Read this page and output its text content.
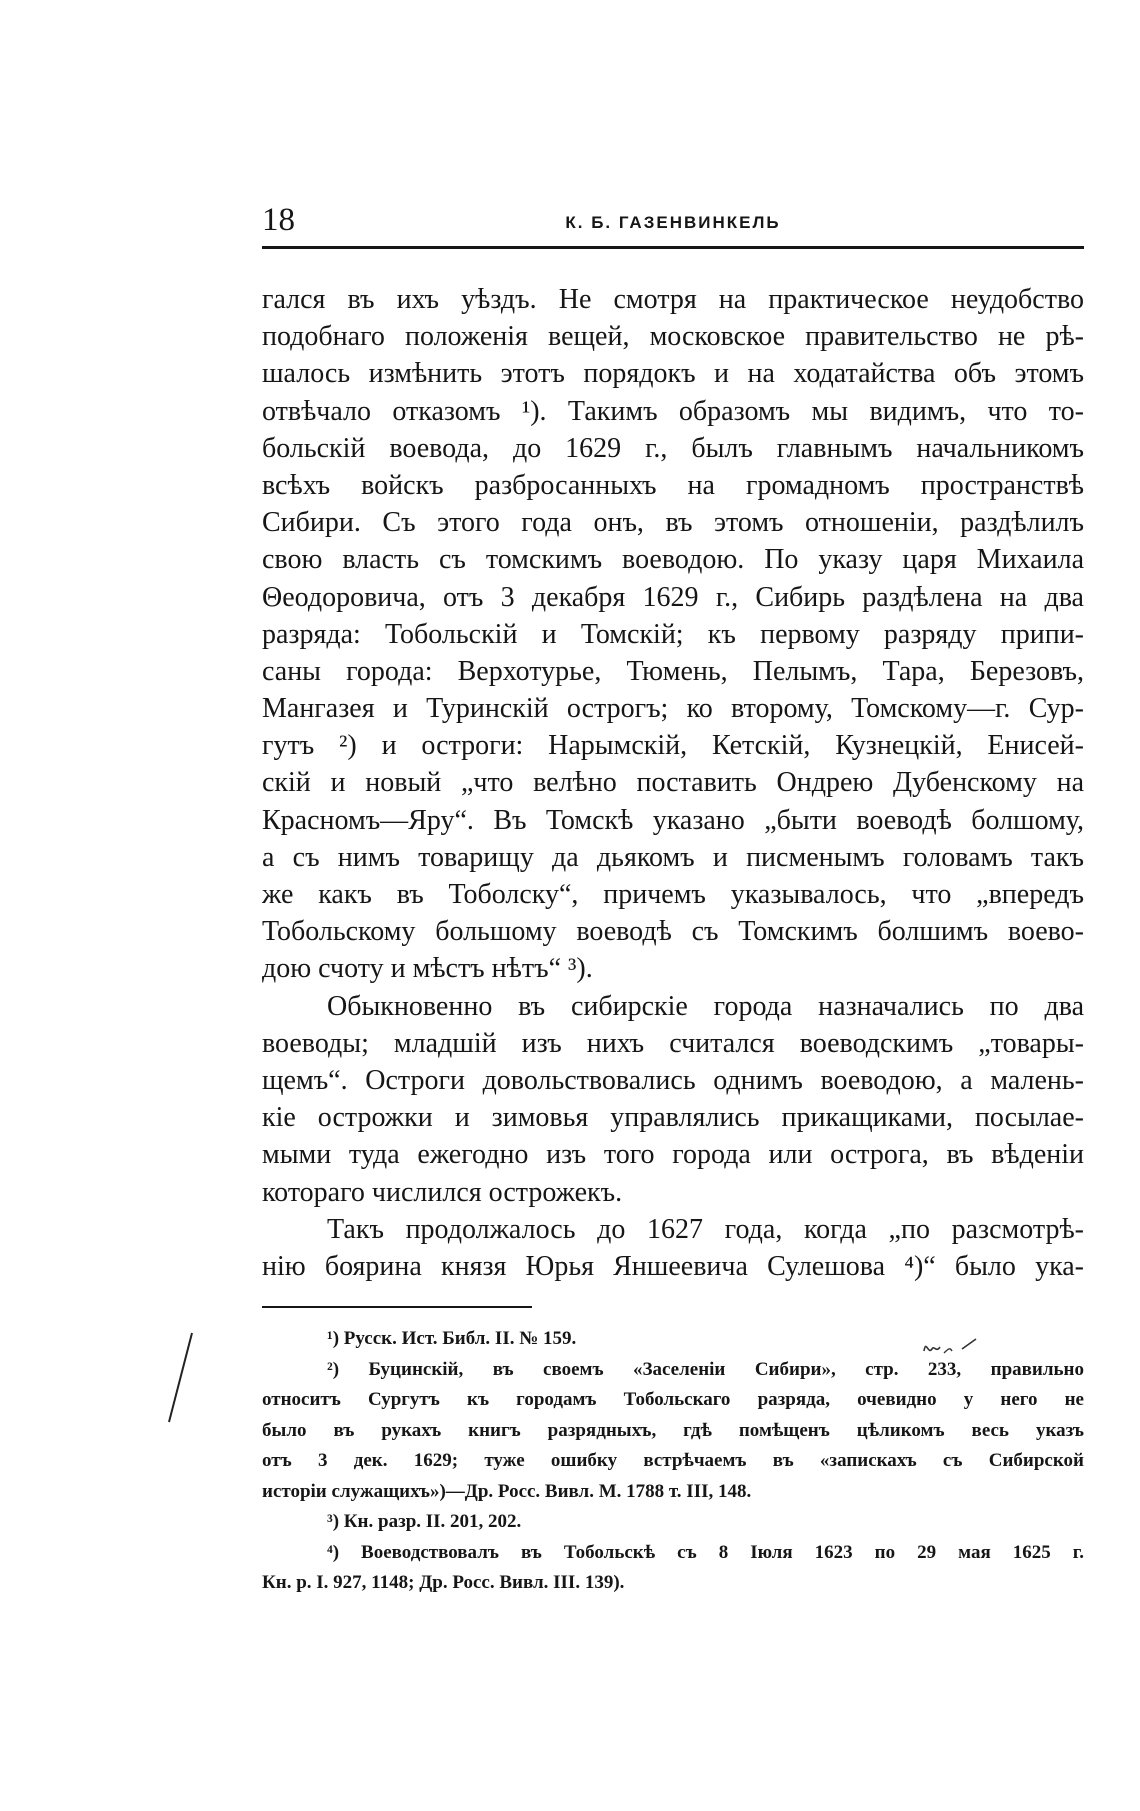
18	К. Б. ГАЗЕНВИНКЕЛЬ
гался въ ихъ уѣздъ. Не смотря на практическое неудобство
подобнаго положенія вещей, московское правительство не рѣ-
шалось измѣнить этотъ порядокъ и на ходатайства объ этомъ
отвѣчало отказомъ ¹). Такимъ образомъ мы видимъ, что то-
больскій воевода, до 1629 г., былъ главнымъ начальникомъ
всѣхъ войскъ разбросанныхъ на громадномъ пространствѣ
Сибири. Съ этого года онъ, въ этомъ отношеніи, раздѣлилъ
свою власть съ томскимъ воеводою. По указу царя Михаила
Θеодоровича, отъ 3 декабря 1629 г., Сибирь раздѣлена на два
разряда: Тобольскій и Томскій; къ первому разряду припи-
саны города: Верхотурье, Тюмень, Пелымъ, Тара, Березовъ,
Мангазея и Туринскій острогъ; ко второму, Томскому—г. Сур-
гутъ ²) и остроги: Нарымскій, Кетскій, Кузнецкій, Енисей-
скій и новый „что велѣно поставить Ондрею Дубенскому на
Красномъ—Яру“. Въ Томскѣ указано „быти воеводѣ болшому,
а съ нимъ товарищу да дьякомъ и писменымъ головамъ такъ
же какъ въ Тоболску“, причемъ указывалось, что „впередъ
Тобольскому большому воеводѣ съ Томскимъ болшимъ воево-
дою счоту и мѣстъ нѣтъ“ ³).
Обыкновенно въ сибирскіе города назначались по два
воеводы; младшій изъ нихъ считался воеводскимъ „товары-
щемъ“. Остроги довольствовались однимъ воеводою, а малень-
кіе острожки и зимовья управлялись прикащиками, посылае-
мыми туда ежегодно изъ того города или острога, въ вѣденіи
котораго числился острожекъ.
Такъ продолжалось до 1627 года, когда „по разсмотрѣ-
нію боярина князя Юрья Яншеевича Сулешова ⁴)“ было ука-
¹) Русск. Ист. Библ. II. № 159.
²) Буцинскій, въ своемъ «Заселеніи Сибири», стр. 233, правильно
относитъ Сургутъ къ городамъ Тобольскаго разряда, очевидно у него не
было въ рукахъ книгъ разрядныхъ, гдѣ помѣщенъ цѣликомъ весь указъ
отъ 3 дек. 1629; туже ошибку встрѣчаемъ въ «запискахъ съ Сибирской
исторіи служащихъ»)—Др. Росс. Вивл. М. 1788 т. III, 148.
³) Кн. разр. II. 201, 202.
⁴) Воеводствовалъ въ Тобольскѣ съ 8 Іюля 1623 по 29 мая 1625 г.
Кн. р. I. 927, 1148; Др. Росс. Вивл. III. 139).
